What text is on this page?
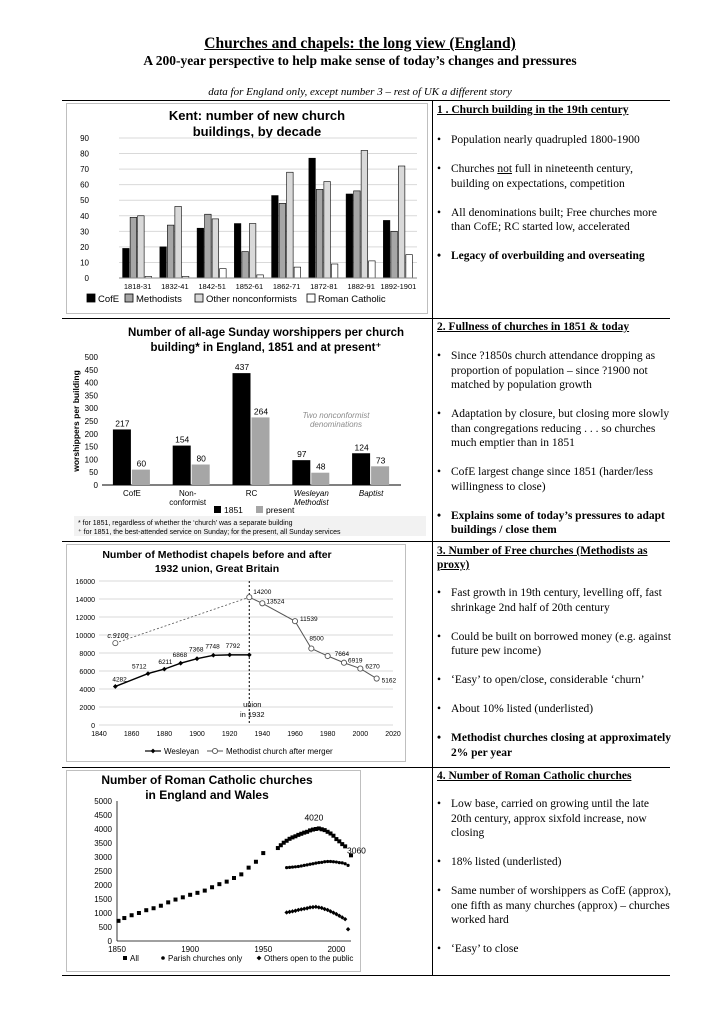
Churches and chapels: the long view (England)
A 200-year perspective to help make sense of today’s changes and pressures
data for England only, except number 3 – rest of UK a different story
Kent: number of new church
buildings, by decade
0
10
20
30
40
50
60
70
80
90
1818-31 1832-41 1842-51 1852-61 1862-71 1872-81 1882-91 1892-1901
CofE Methodists	Other nonconformists Roman Catholic
Number of all-age Sunday worshippers per church
building* in England, 1851 and at present⁺
worshippers per building
0
50
100
150
200
250
300
350
400
450
500
217
60
CofE
154
80
Non-
conformist
437
264
RC
97
48
Wesleyan
Methodist
124
73
Baptist
Two nonconformist
denominations
1851	present
* for 1851, regardless of whether the ‘church’ was a separate building
⁺ for 1851, the best-attended service on Sunday; for the present, all Sunday services
Number of Methodist chapels before and after
1932 union, Great Britain
0
2000
4000
6000
8000
10000
12000
14000
16000
1840 1860 1880 1900 1920 1940 1960 1980 2000 2020
union
in 1932
c.9100
4282
5712
6211
6868
7368 7748 7792
14200
13524
11539
8500
7664
6919
6270
5162
Wesleyan	Methodist church after merger
Number of Roman Catholic churches
in England and Wales
0
500
1000
1500
2000
2500
3000
3500
4000
4500
5000
1850	1900	1950	2000
4020
3060
All	Parish churches only	Others open to the public
1 . Church building in the 19th century
• Population nearly quadrupled 1800-1900
• Churches not full in nineteenth century, building on expectations, competition
• All denominations built; Free churches more than CofE; RC started low, accelerated
• Legacy of overbuilding and overseating
2. Fullness of churches in 1851 & today
• Since ?1850s church attendance dropping as proportion of population – since ?1900 not matched by population growth
• Adaptation by closure, but closing more slowly than congregations reducing . . . so churches much emptier than in 1851
• CofE largest change since 1851 (harder/less willingness to close)
• Explains some of today’s pressures to adapt buildings / close them
3. Number of Free churches (Methodists as proxy)
• Fast growth in 19th century, levelling off, fast shrinkage 2nd half of 20th century
• Could be built on borrowed money (e.g. against future pew income)
• ‘Easy’ to open/close, considerable ‘churn’
• About 10% listed (underlisted)
• Methodist churches closing at approximately 2% per year
4. Number of Roman Catholic churches
• Low base, carried on growing until the late 20th century, approx sixfold increase, now closing
• 18% listed (underlisted)
• Same number of worshippers as CofE (approx), one fifth as many churches (approx) – churches worked hard
• ‘Easy’ to close
